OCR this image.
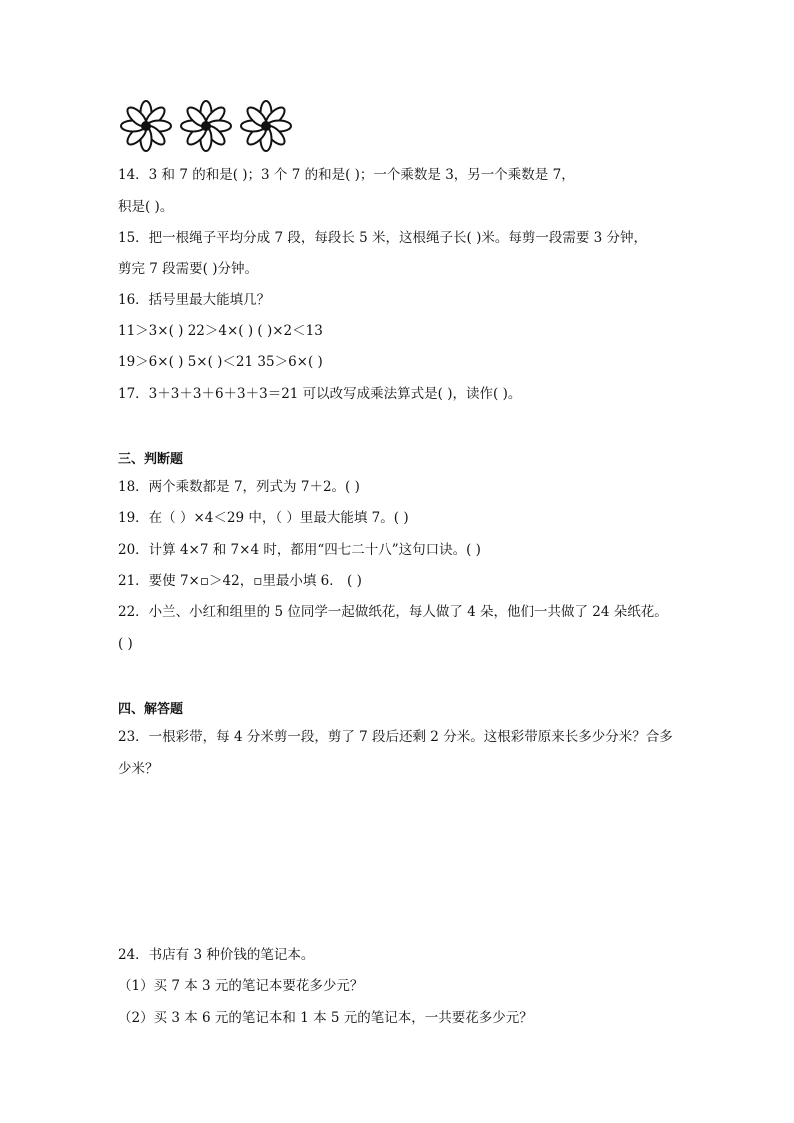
14．3 和 7 的和是( )；3 个 7 的和是( )；一个乘数是 3，另一个乘数是 7，
积是( )。
15．把一根绳子平均分成 7 段，每段长 5 米，这根绳子长( )米。每剪一段需要 3 分钟，
剪完 7 段需要( )分钟。
16．括号里最大能填几？
11＞3×( ) 22＞4×( ) ( )×2＜13
19＞6×( ) 5×( )＜21 35＞6×( )
17．3＋3＋3＋6＋3＋3＝21 可以改写成乘法算式是( )，读作( )。
三、判断题
18．两个乘数都是 7，列式为 7＋2。( )
19．在（ ）×4＜29 中，（ ）里最大能填 7。( )
20．计算 4×7 和 7×4 时，都用“四七二十八”这句口诀。( )
21．要使 7×▫＞42，▫里最小填 6． ( )
22．小兰、小红和组里的 5 位同学一起做纸花，每人做了 4 朵，他们一共做了 24 朵纸花。
( )
四、解答题
23．一根彩带，每 4 分米剪一段，剪了 7 段后还剩 2 分米。这根彩带原来长多少分米？合多
少米？
24．书店有 3 种价钱的笔记本。
（1）买 7 本 3 元的笔记本要花多少元？
（2）买 3 本 6 元的笔记本和 1 本 5 元的笔记本，一共要花多少元？
